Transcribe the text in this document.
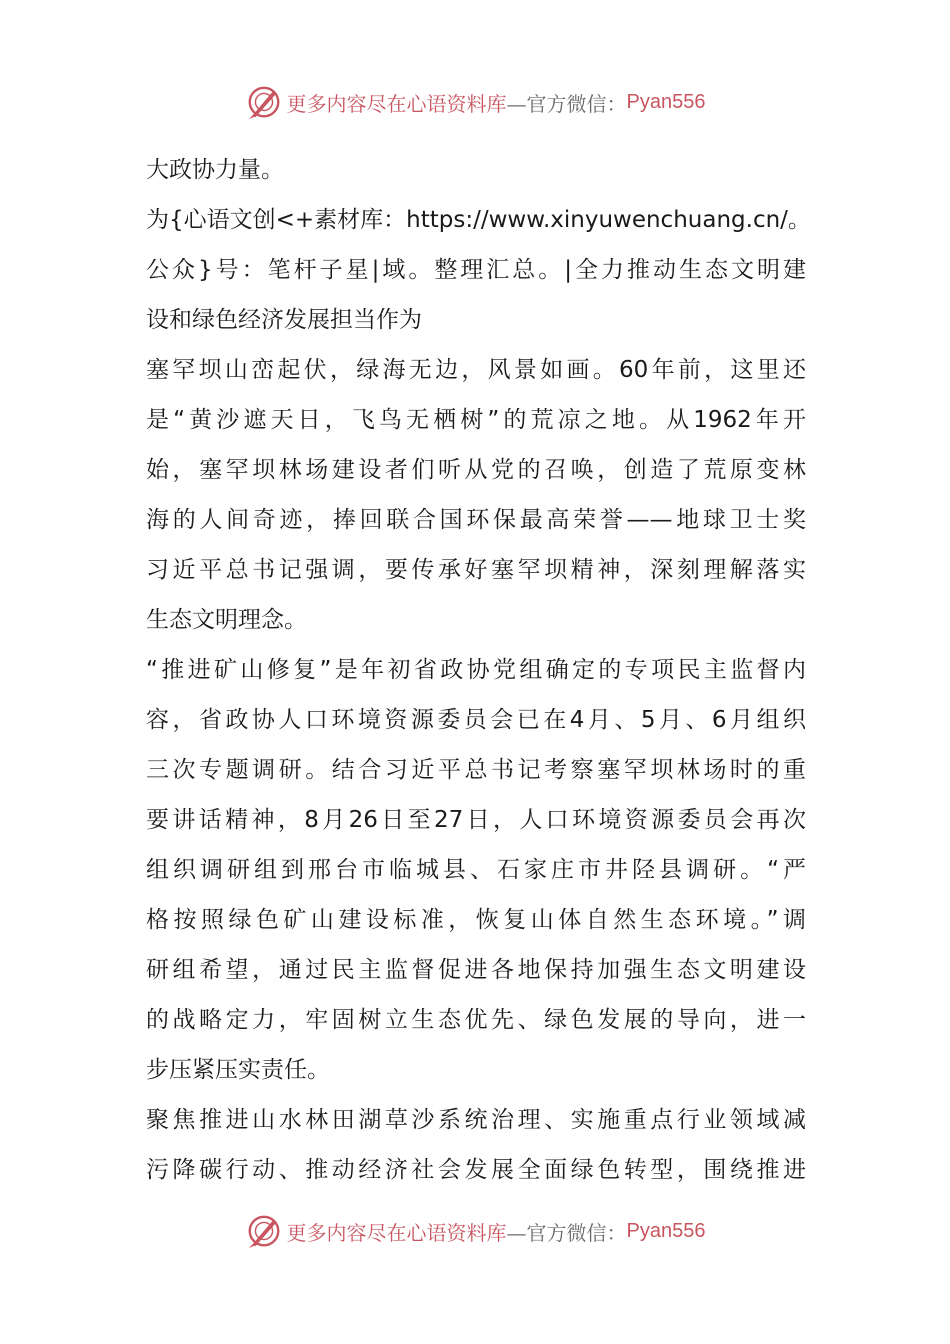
更多内容尽在心语资料库 —官方微信： Pyan556
大政协力量。
为{心语文创<+素材库：https://www.xinyuwenchuang.cn/。
公众}号：笔杆子星|域。整理汇总。|全力推动生态文明建
设和绿色经济发展担当作为
塞罕坝山峦起伏，绿海无边，风景如画。60年前，这里还
是“黄沙遮天日，飞鸟无栖树”的荒凉之地。从1962年开
始，塞罕坝林场建设者们听从党的召唤，创造了荒原变林
海的人间奇迹，捧回联合国环保最高荣誉——地球卫士奖
习近平总书记强调，要传承好塞罕坝精神，深刻理解落实
生态文明理念。
“推进矿山修复”是年初省政协党组确定的专项民主监督内
容，省政协人口环境资源委员会已在4月、5月、6月组织
三次专题调研。结合习近平总书记考察塞罕坝林场时的重
要讲话精神，8月26日至27日，人口环境资源委员会再次
组织调研组到邢台市临城县、石家庄市井陉县调研。“严
格按照绿色矿山建设标准，恢复山体自然生态环境。”调
研组希望，通过民主监督促进各地保持加强生态文明建设
的战略定力，牢固树立生态优先、绿色发展的导向，进一
步压紧压实责任。
聚焦推进山水林田湖草沙系统治理、实施重点行业领域减
污降碳行动、推动经济社会发展全面绿色转型，围绕推进
更多内容尽在心语资料库 —官方微信： Pyan556
